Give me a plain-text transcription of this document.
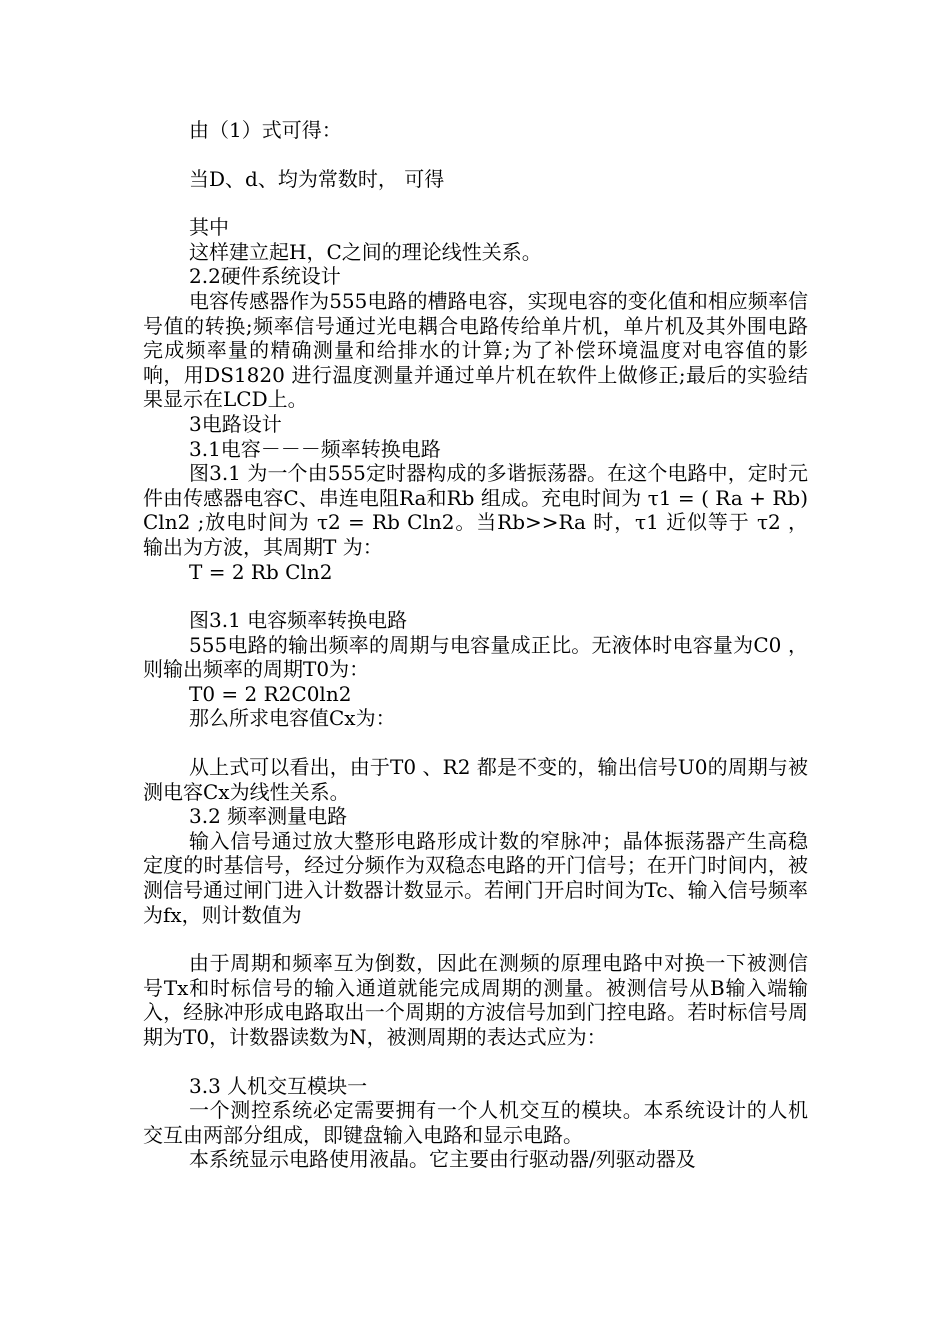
由（1）式可得：

当D、d、均为常数时， 可得

其中

这样建立起H，C之间的理论线性关系。

2.2硬件系统设计

电容传感器作为555电路的槽路电容，实现电容的变化值和相应频率信号值的转换;频率信号通过光电耦合电路传给单片机，单片机及其外围电路完成频率量的精确测量和给排水的计算;为了补偿环境温度对电容值的影响，用DS1820 进行温度测量并通过单片机在软件上做修正;最后的实验结果显示在LCD上。

3电路设计

3.1电容－－－频率转换电路

图3.1 为一个由555定时器构成的多谐振荡器。在这个电路中，定时元件由传感器电容C、串连电阻Ra和Rb 组成。充电时间为 τ1 = ( Ra + Rb) Cln2 ;放电时间为 τ2 = Rb Cln2。当Rb>>Ra 时，τ1 近似等于 τ2 ， 输出为方波，其周期T 为：

T = 2 Rb Cln2

图3.1 电容频率转换电路

555电路的输出频率的周期与电容量成正比。无液体时电容量为C0 ，则输出频率的周期T0为：

T0 = 2 R2C0ln2

那么所求电容值Cx为：

从上式可以看出，由于T0 、R2 都是不变的，输出信号U0的周期与被测电容Cx为线性关系。

3.2 频率测量电路

输入信号通过放大整形电路形成计数的窄脉冲；晶体振荡器产生高稳定度的时基信号，经过分频作为双稳态电路的开门信号；在开门时间内，被测信号通过闸门进入计数器计数显示。若闸门开启时间为Tc、输入信号频率为fx，则计数值为

由于周期和频率互为倒数，因此在测频的原理电路中对换一下被测信号Tx和时标信号的输入通道就能完成周期的测量。被测信号从B输入端输入，经脉冲形成电路取出一个周期的方波信号加到门控电路。若时标信号周期为T0，计数器读数为N，被测周期的表达式应为：

3.3 人机交互模块一

一个测控系统必定需要拥有一个人机交互的模块。本系统设计的人机交互由两部分组成，即键盘输入电路和显示电路。

本系统显示电路使用液晶。它主要由行驱动器/列驱动器及
